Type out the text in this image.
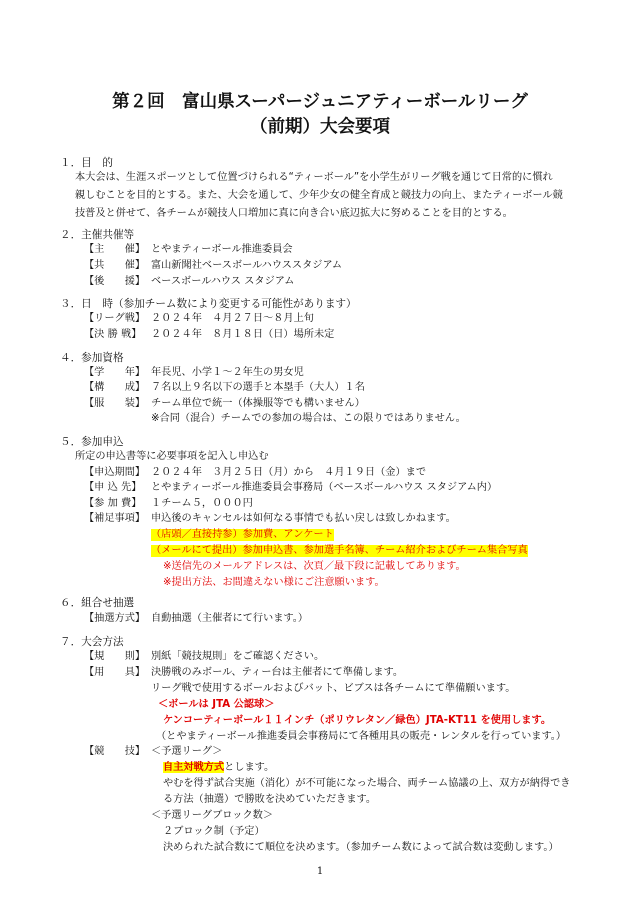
第２回　富山県スーパージュニアティーボールリーグ
（前期）大会要項
１．目　的
本大会は、生涯スポーツとして位置づけられる“ティーボール”を小学生がリーグ戦を通じて日常的に慣れ
親しむことを目的とする。また、大会を通して、少年少女の健全育成と競技力の向上、またティーボール競
技普及と併せて、各チームが競技人口増加に真に向き合い底辺拡大に努めることを目的とする。
２．主催共催等
【主　　催】 とやまティーボール推進委員会
【共　　催】 富山新聞社ベースボールハウススタジアム
【後　　援】 ベースボールハウス スタジアム
３．日　時（参加チーム数により変更する可能性があります）
【リーグ戦】 ２０２４年　４月２７日～８月上旬
【決 勝 戦】 ２０２４年　８月１８日（日）場所未定
４．参加資格
【学　　年】 年長児、小学１～２年生の男女児
【構　　成】 ７名以上９名以下の選手と本塁手（大人）１名
【服　　装】 チーム単位で統一（体操服等でも構いません）
※合同（混合）チームでの参加の場合は、この限りではありません。
５．参加申込
所定の申込書等に必要事項を記入し申込む
【申込期間】 ２０２４年　３月２５日（月）から　４月１９日（金）まで
【申 込 先】 とやまティーボール推進委員会事務局（ベースボールハウス スタジアム内）
【参 加 費】 １チーム５，０００円
【補足事項】 申込後のキャンセルは如何なる事情でも払い戻しは致しかねます。
（店頭／直接持参）参加費、アンケート
（メールにて提出）参加申込書、参加選手名簿、チーム紹介およびチーム集合写真
※送信先のメールアドレスは、次頁／最下段に記載してあります。
※提出方法、お間違えない様にご注意願います。
６．組合せ抽選
【抽選方式】 自動抽選（主催者にて行います。）
７．大会方法
【規　　則】 別紙「競技規則」をご確認ください。
【用　　具】 決勝戦のみボール、ティー台は主催者にて準備します。
リーグ戦で使用するボールおよびバット、ビブスは各チームにて準備願います。
＜ボールは JTA 公認球＞
ケンコーティーボール１１インチ（ポリウレタン／緑色）JTA-KT11 を使用します。
（とやまティーボール推進委員会事務局にて各種用具の販売・レンタルを行っています。）
【競　　技】 ＜予選リーグ＞
自主対戦方式とします。
やむを得ず試合実施（消化）が不可能になった場合、両チーム協議の上、双方が納得でき
る方法（抽選）で勝敗を決めていただきます。
＜予選リーグブロック数＞
２ブロック制（予定）
決められた試合数にて順位を決めます。（参加チーム数によって試合数は変動します。）
1
